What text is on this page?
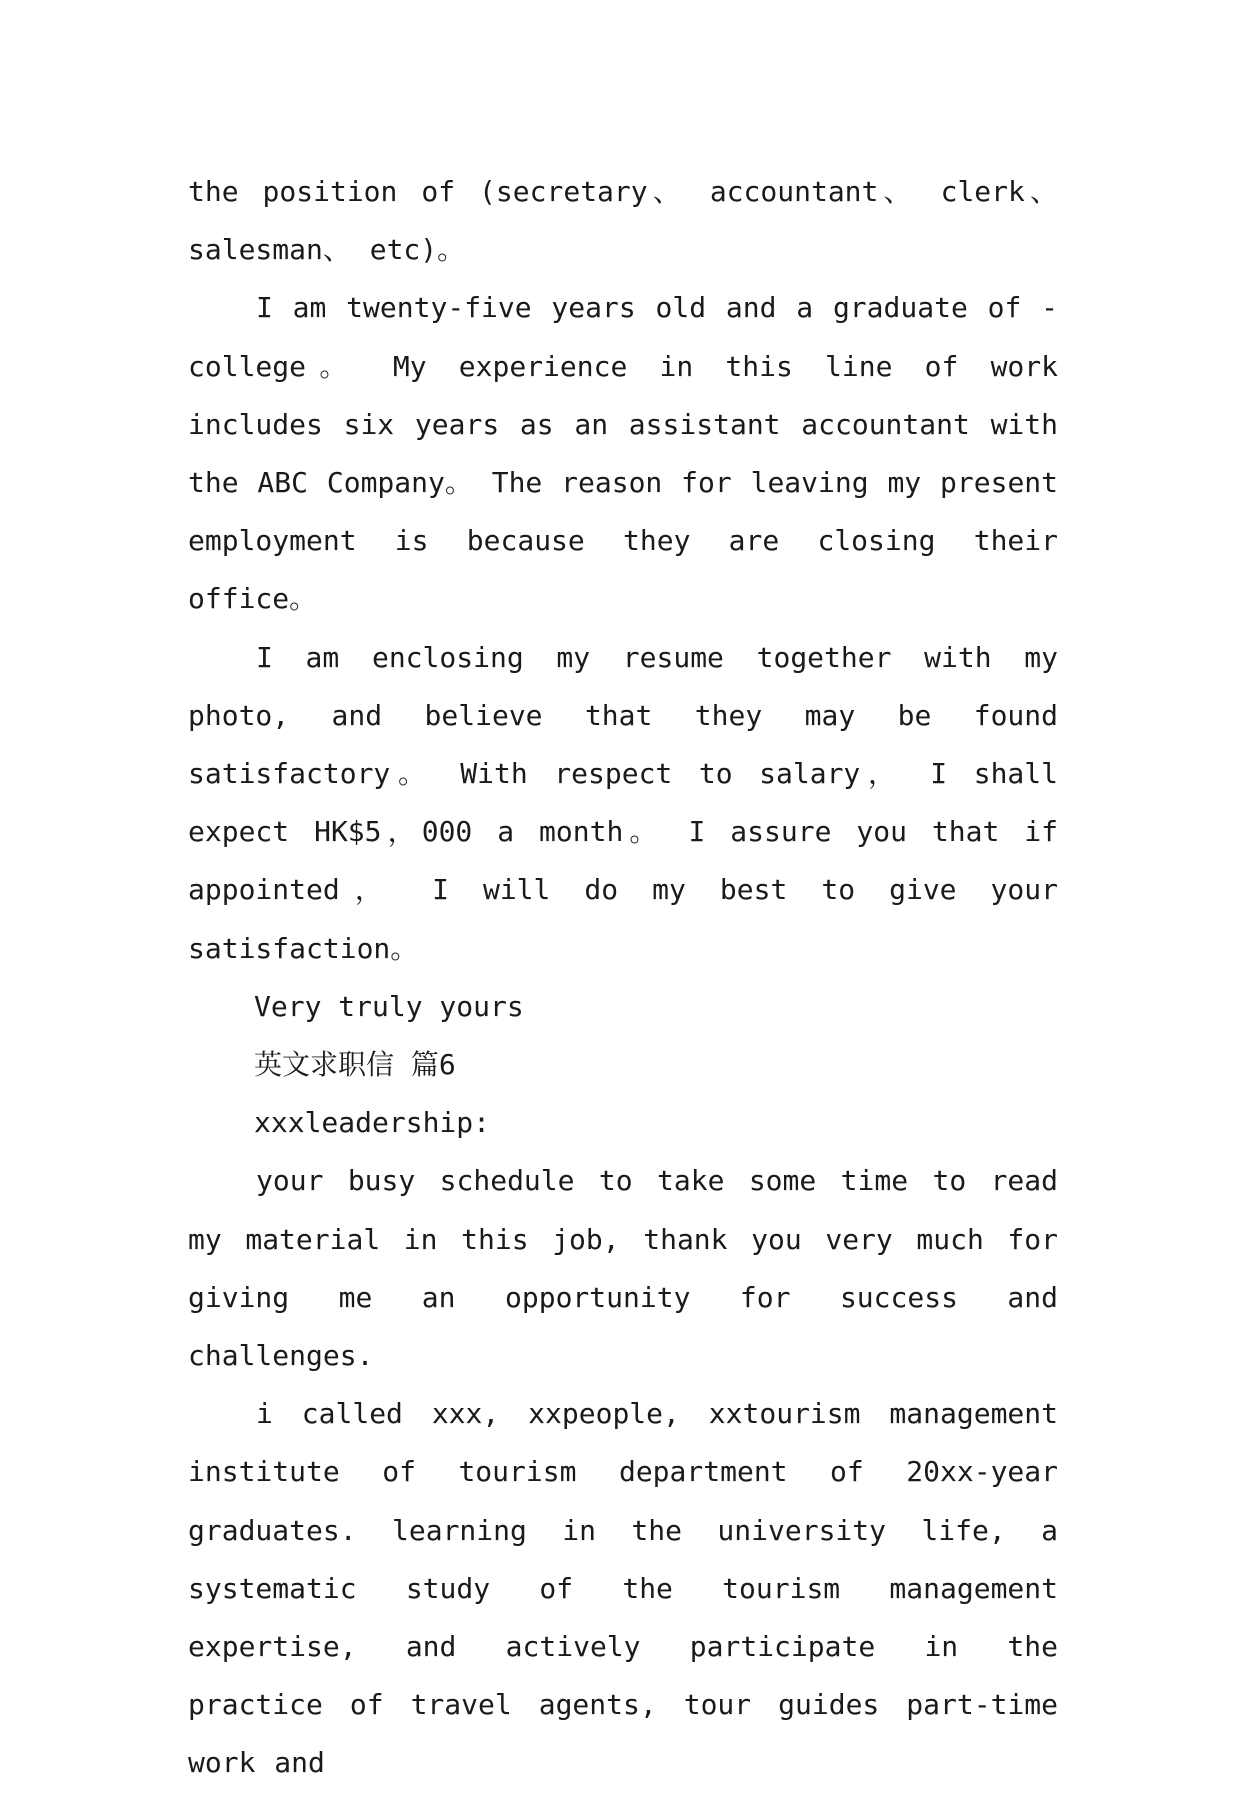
the position of (secretary、 accountant、 clerk、 salesman、 etc)。

I am twenty-five years old and a graduate of -college。 My experience in this line of work includes six years as an assistant accountant with the ABC Company。 The reason for leaving my present employment is because they are closing their office。

I am enclosing my resume together with my photo, and believe that they may be found satisfactory。 With respect to salary， I shall expect HK$5，000 a month。 I assure you that if appointed， I will do my best to give your satisfaction。

Very truly yours

英文求职信 篇6

xxxleadership:

your busy schedule to take some time to read my material in this job, thank you very much for giving me an opportunity for success and challenges.

i called xxx, xxpeople, xxtourism management institute of tourism department of 20xx-year graduates. learning in the university life, a systematic study of the tourism management expertise, and actively participate in the practice of travel agents, tour guides part-time work and
